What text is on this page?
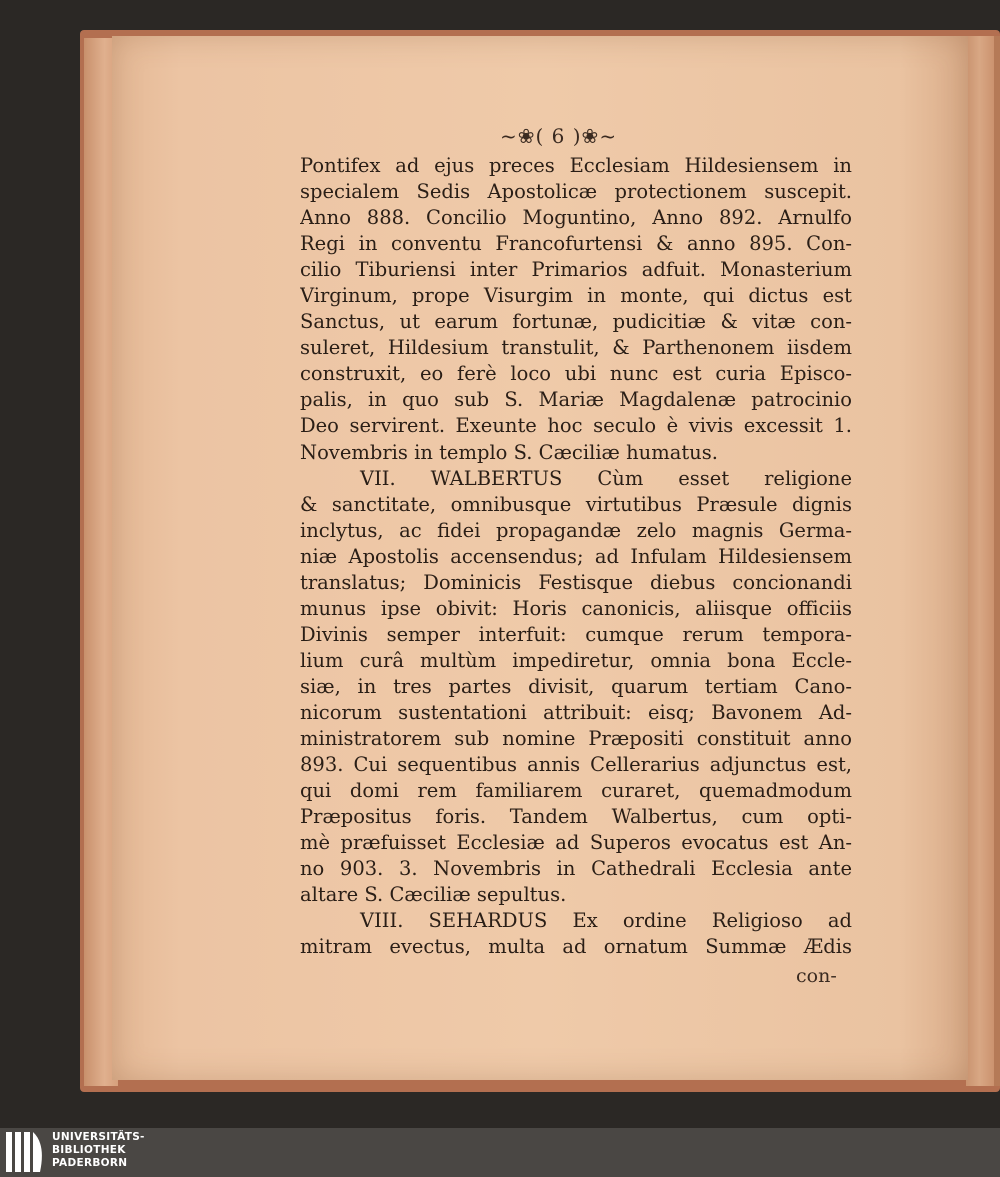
~❀( 6 )❀~
Pontifex ad ejus preces Ecclesiam Hildesiensem in
specialem Sedis Apostolicæ protectionem suscepit.
Anno 888. Concilio Moguntino, Anno 892. Arnulfo
Regi in conventu Francofurtensi & anno 895. Con-
cilio Tiburiensi inter Primarios adfuit. Monasterium
Virginum, prope Visurgim in monte, qui dictus est
Sanctus, ut earum fortunæ, pudicitiæ & vitæ con-
suleret, Hildesium transtulit, & Parthenonem iisdem
construxit, eo ferè loco ubi nunc est curia Episco-
palis, in quo sub S. Mariæ Magdalenæ patrocinio
Deo servirent. Exeunte hoc seculo è vivis excessit 1.
Novembris in templo S. Cæciliæ humatus.
VII. WALBERTUS Cùm esset religione
& sanctitate, omnibusque virtutibus Præsule dignis
inclytus, ac fidei propagandæ zelo magnis Germa-
niæ Apostolis accensendus; ad Infulam Hildesiensem
translatus; Dominicis Festisque diebus concionandi
munus ipse obivit: Horis canonicis, aliisque officiis
Divinis semper interfuit: cumque rerum tempora-
lium curâ multùm impediretur, omnia bona Eccle-
siæ, in tres partes divisit, quarum tertiam Cano-
nicorum sustentationi attribuit: eisq; Bavonem Ad-
ministratorem sub nomine Præpositi constituit anno
893. Cui sequentibus annis Cellerarius adjunctus est,
qui domi rem familiarem curaret, quemadmodum
Præpositus foris. Tandem Walbertus, cum opti-
mè præfuisset Ecclesiæ ad Superos evocatus est An-
no 903. 3. Novembris in Cathedrali Ecclesia ante
altare S. Cæciliæ sepultus.
VIII. SEHARDUS Ex ordine Religioso ad
mitram evectus, multa ad ornatum Summæ Ædis
con-
UNIVERSITÄTS-
BIBLIOTHEK
PADERBORN
